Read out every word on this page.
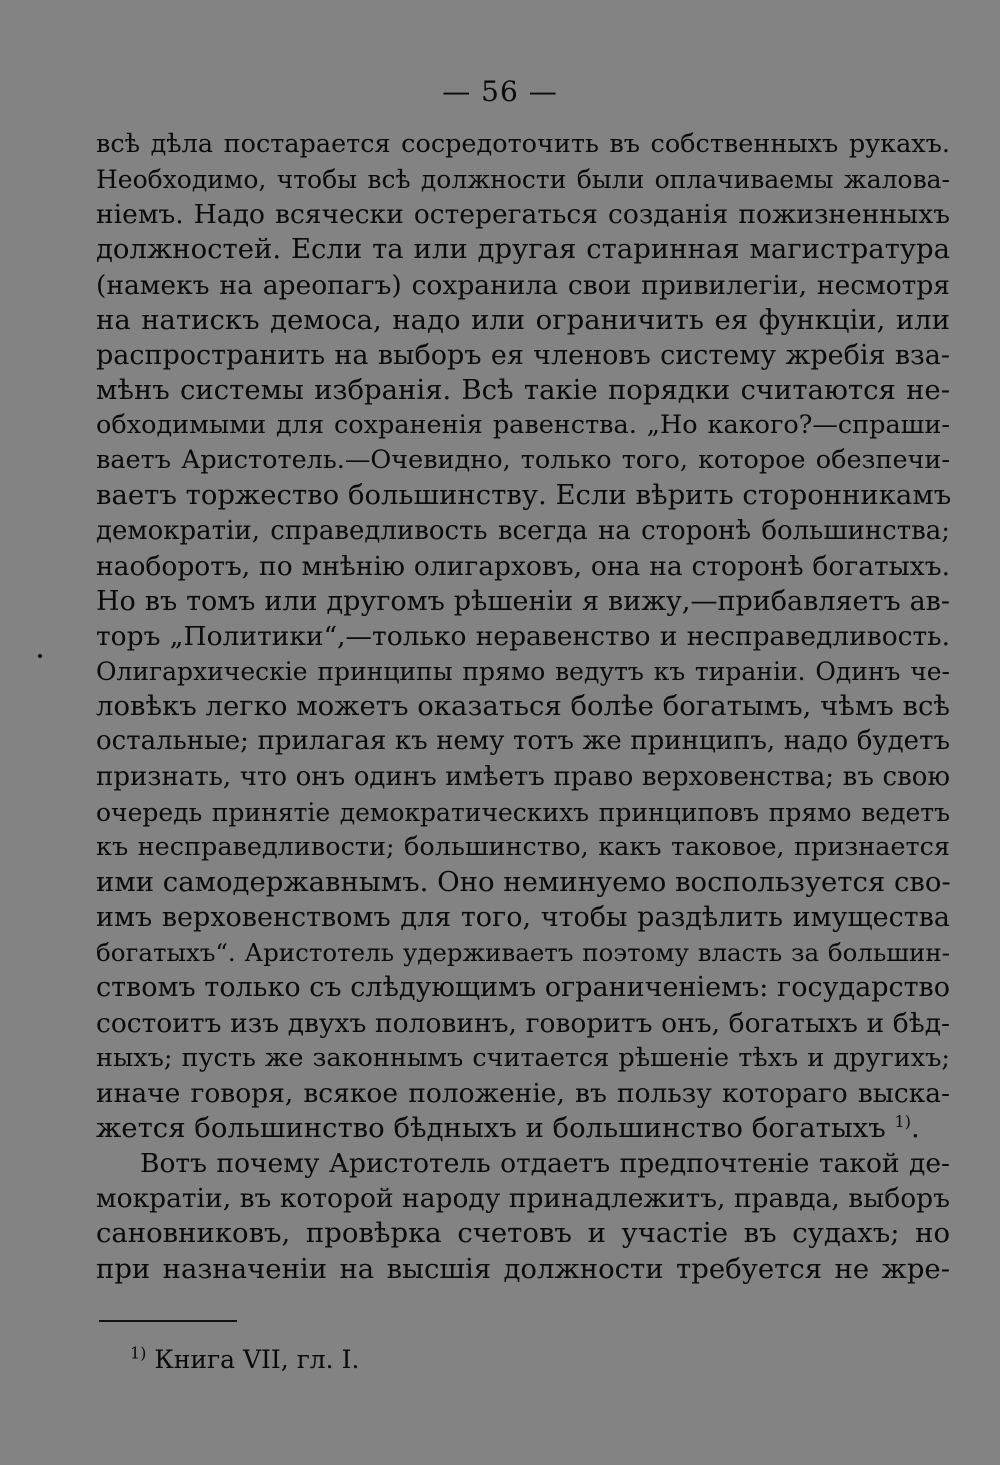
— 56 —
всѣ дѣла постарается сосредоточить въ собственныхъ рукахъ.
Необходимо, чтобы всѣ должности были оплачиваемы жалова-
ніемъ. Надо всячески остерегаться созданія пожизненныхъ
должностей. Если та или другая старинная магистратура
(намекъ на ареопагъ) сохранила свои привилегіи, несмотря
на натискъ демоса, надо или ограничить ея функціи, или
распространить на выборъ ея членовъ систему жребія вза-
мѣнъ системы избранія. Всѣ такіе порядки считаются не-
обходимыми для сохраненія равенства. „Но какого?—спраши-
ваетъ Аристотель.—Очевидно, только того, которое обезпечи-
ваетъ торжество большинству. Если вѣрить сторонникамъ
демократіи, справедливость всегда на сторонѣ большинства;
наоборотъ, по мнѣнію олигарховъ, она на сторонѣ богатыхъ.
Но въ томъ или другомъ рѣшеніи я вижу,—прибавляетъ ав-
торъ „Политики“,—только неравенство и несправедливость.
Олигархическіе принципы прямо ведутъ къ тираніи. Одинъ че-
ловѣкъ легко можетъ оказаться болѣе богатымъ, чѣмъ всѣ
остальные; прилагая къ нему тотъ же принципъ, надо будетъ
признать, что онъ одинъ имѣетъ право верховенства; въ свою
очередь принятіе демократическихъ принциповъ прямо ведетъ
къ несправедливости; большинство, какъ таковое, признается
ими самодержавнымъ. Оно неминуемо воспользуется сво-
имъ верховенствомъ для того, чтобы раздѣлить имущества
богатыхъ“. Аристотель удерживаетъ поэтому власть за большин-
ствомъ только съ слѣдующимъ ограниченіемъ: государство
состоитъ изъ двухъ половинъ, говоритъ онъ, богатыхъ и бѣд-
ныхъ; пусть же законнымъ считается рѣшеніе тѣхъ и другихъ;
иначе говоря, всякое положеніе, въ пользу котораго выска-
жется большинство бѣдныхъ и большинство богатыхъ $^{1)}$.
Вотъ почему Аристотель отдаетъ предпочтеніе такой де-
мократіи, въ которой народу принадлежитъ, правда, выборъ
сановниковъ, провѣрка счетовъ и участіе въ судахъ; но
при назначеніи на высшія должности требуется не жре-
$^{1)}$ Книга VII, гл. I.
